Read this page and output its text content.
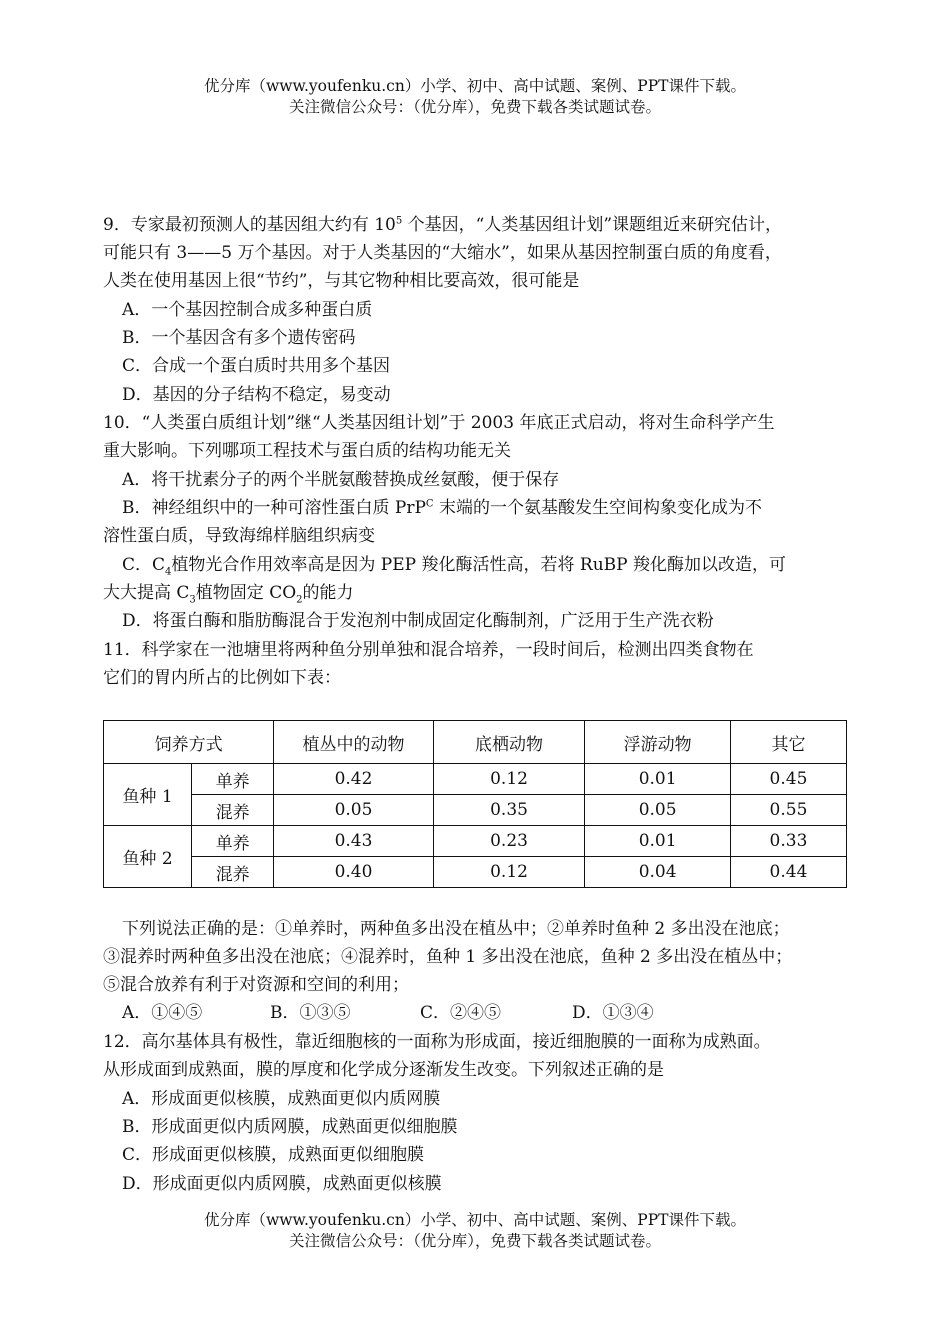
优分库（www.youfenku.cn）小学、初中、高中试题、案例、PPT课件下载。
关注微信公众号：（优分库），免费下载各类试题试卷。
9．专家最初预测人的基因组大约有 $10^5$ 个基因，“人类基因组计划”课题组近来研究估计，
可能只有 3——5 万个基因。对于人类基因的“大缩水”，如果从基因控制蛋白质的角度看，
人类在使用基因上很“节约”，与其它物种相比要高效，很可能是
A．一个基因控制合成多种蛋白质
B．一个基因含有多个遗传密码
C．合成一个蛋白质时共用多个基因
D．基因的分子结构不稳定，易变动
10．“人类蛋白质组计划”继“人类基因组计划”于 2003 年底正式启动，将对生命科学产生
重大影响。下列哪项工程技术与蛋白质的结构功能无关
A．将干扰素分子的两个半胱氨酸替换成丝氨酸，便于保存
B．神经组织中的一种可溶性蛋白质 PrP$^C$ 末端的一个氨基酸发生空间构象变化成为不
溶性蛋白质，导致海绵样脑组织病变
C．$C_4$植物光合作用效率高是因为 PEP 羧化酶活性高，若将 RuBP 羧化酶加以改造，可
大大提高 $C_3$植物固定 $CO_2$的能力
D．将蛋白酶和脂肪酶混合于发泡剂中制成固定化酶制剂，广泛用于生产洗衣粉
11．科学家在一池塘里将两种鱼分别单独和混合培养，一段时间后，检测出四类食物在
它们的胃内所占的比例如下表：
饲养方式		植丛中的动物	底栖动物	浮游动物	其它
鱼种 1	单养	0.42	0.12	0.01	0.45
	混养	0.05	0.35	0.05	0.55
鱼种 2	单养	0.43	0.23	0.01	0.33
	混养	0.40	0.12	0.04	0.44
下列说法正确的是：①单养时，两种鱼多出没在植丛中；②单养时鱼种 2 多出没在池底；
③混养时两种鱼多出没在池底；④混养时，鱼种 1 多出没在池底，鱼种 2 多出没在植丛中；
⑤混合放养有利于对资源和空间的利用；
A．①④⑤	B．①③⑤	C．②④⑤	D．①③④
12．高尔基体具有极性，靠近细胞核的一面称为形成面，接近细胞膜的一面称为成熟面。
从形成面到成熟面，膜的厚度和化学成分逐渐发生改变。下列叙述正确的是
A．形成面更似核膜，成熟面更似内质网膜
B．形成面更似内质网膜，成熟面更似细胞膜
C．形成面更似核膜，成熟面更似细胞膜
D．形成面更似内质网膜，成熟面更似核膜
优分库（www.youfenku.cn）小学、初中、高中试题、案例、PPT课件下载。
关注微信公众号：（优分库），免费下载各类试题试卷。
